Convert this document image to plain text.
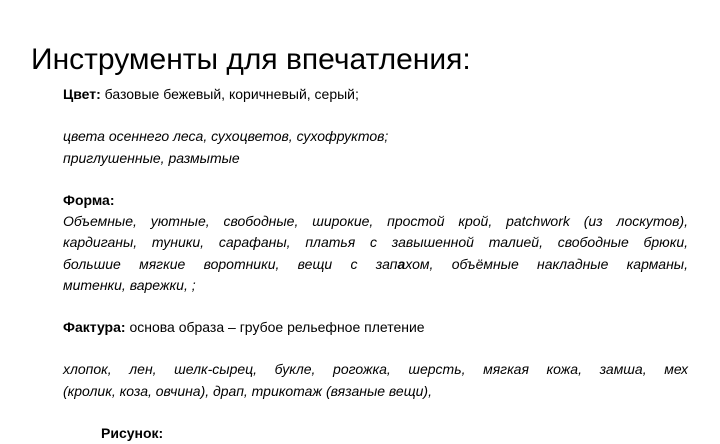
Инструменты для впечатления:
Цвет: базовые бежевый, коричневый, серый;
цвета осеннего леса, сухоцветов, сухофруктов;
приглушенные, размытые
Форма:
Объемные, уютные, свободные, широкие, простой крой, patchwork (из лоскутов),
кардиганы, туники, сарафаны, платья с завышенной талией, свободные брюки,
большие мягкие воротники, вещи с запахом, объёмные накладные карманы,
митенки, варежки, ;
Фактура: основа образа – грубое рельефное плетение
хлопок, лен, шелк-сырец, букле, рогожка, шерсть, мягкая кожа, замша, мех
(кролик, коза, овчина), драп, трикотаж (вязаные вещи),
Рисунок:
